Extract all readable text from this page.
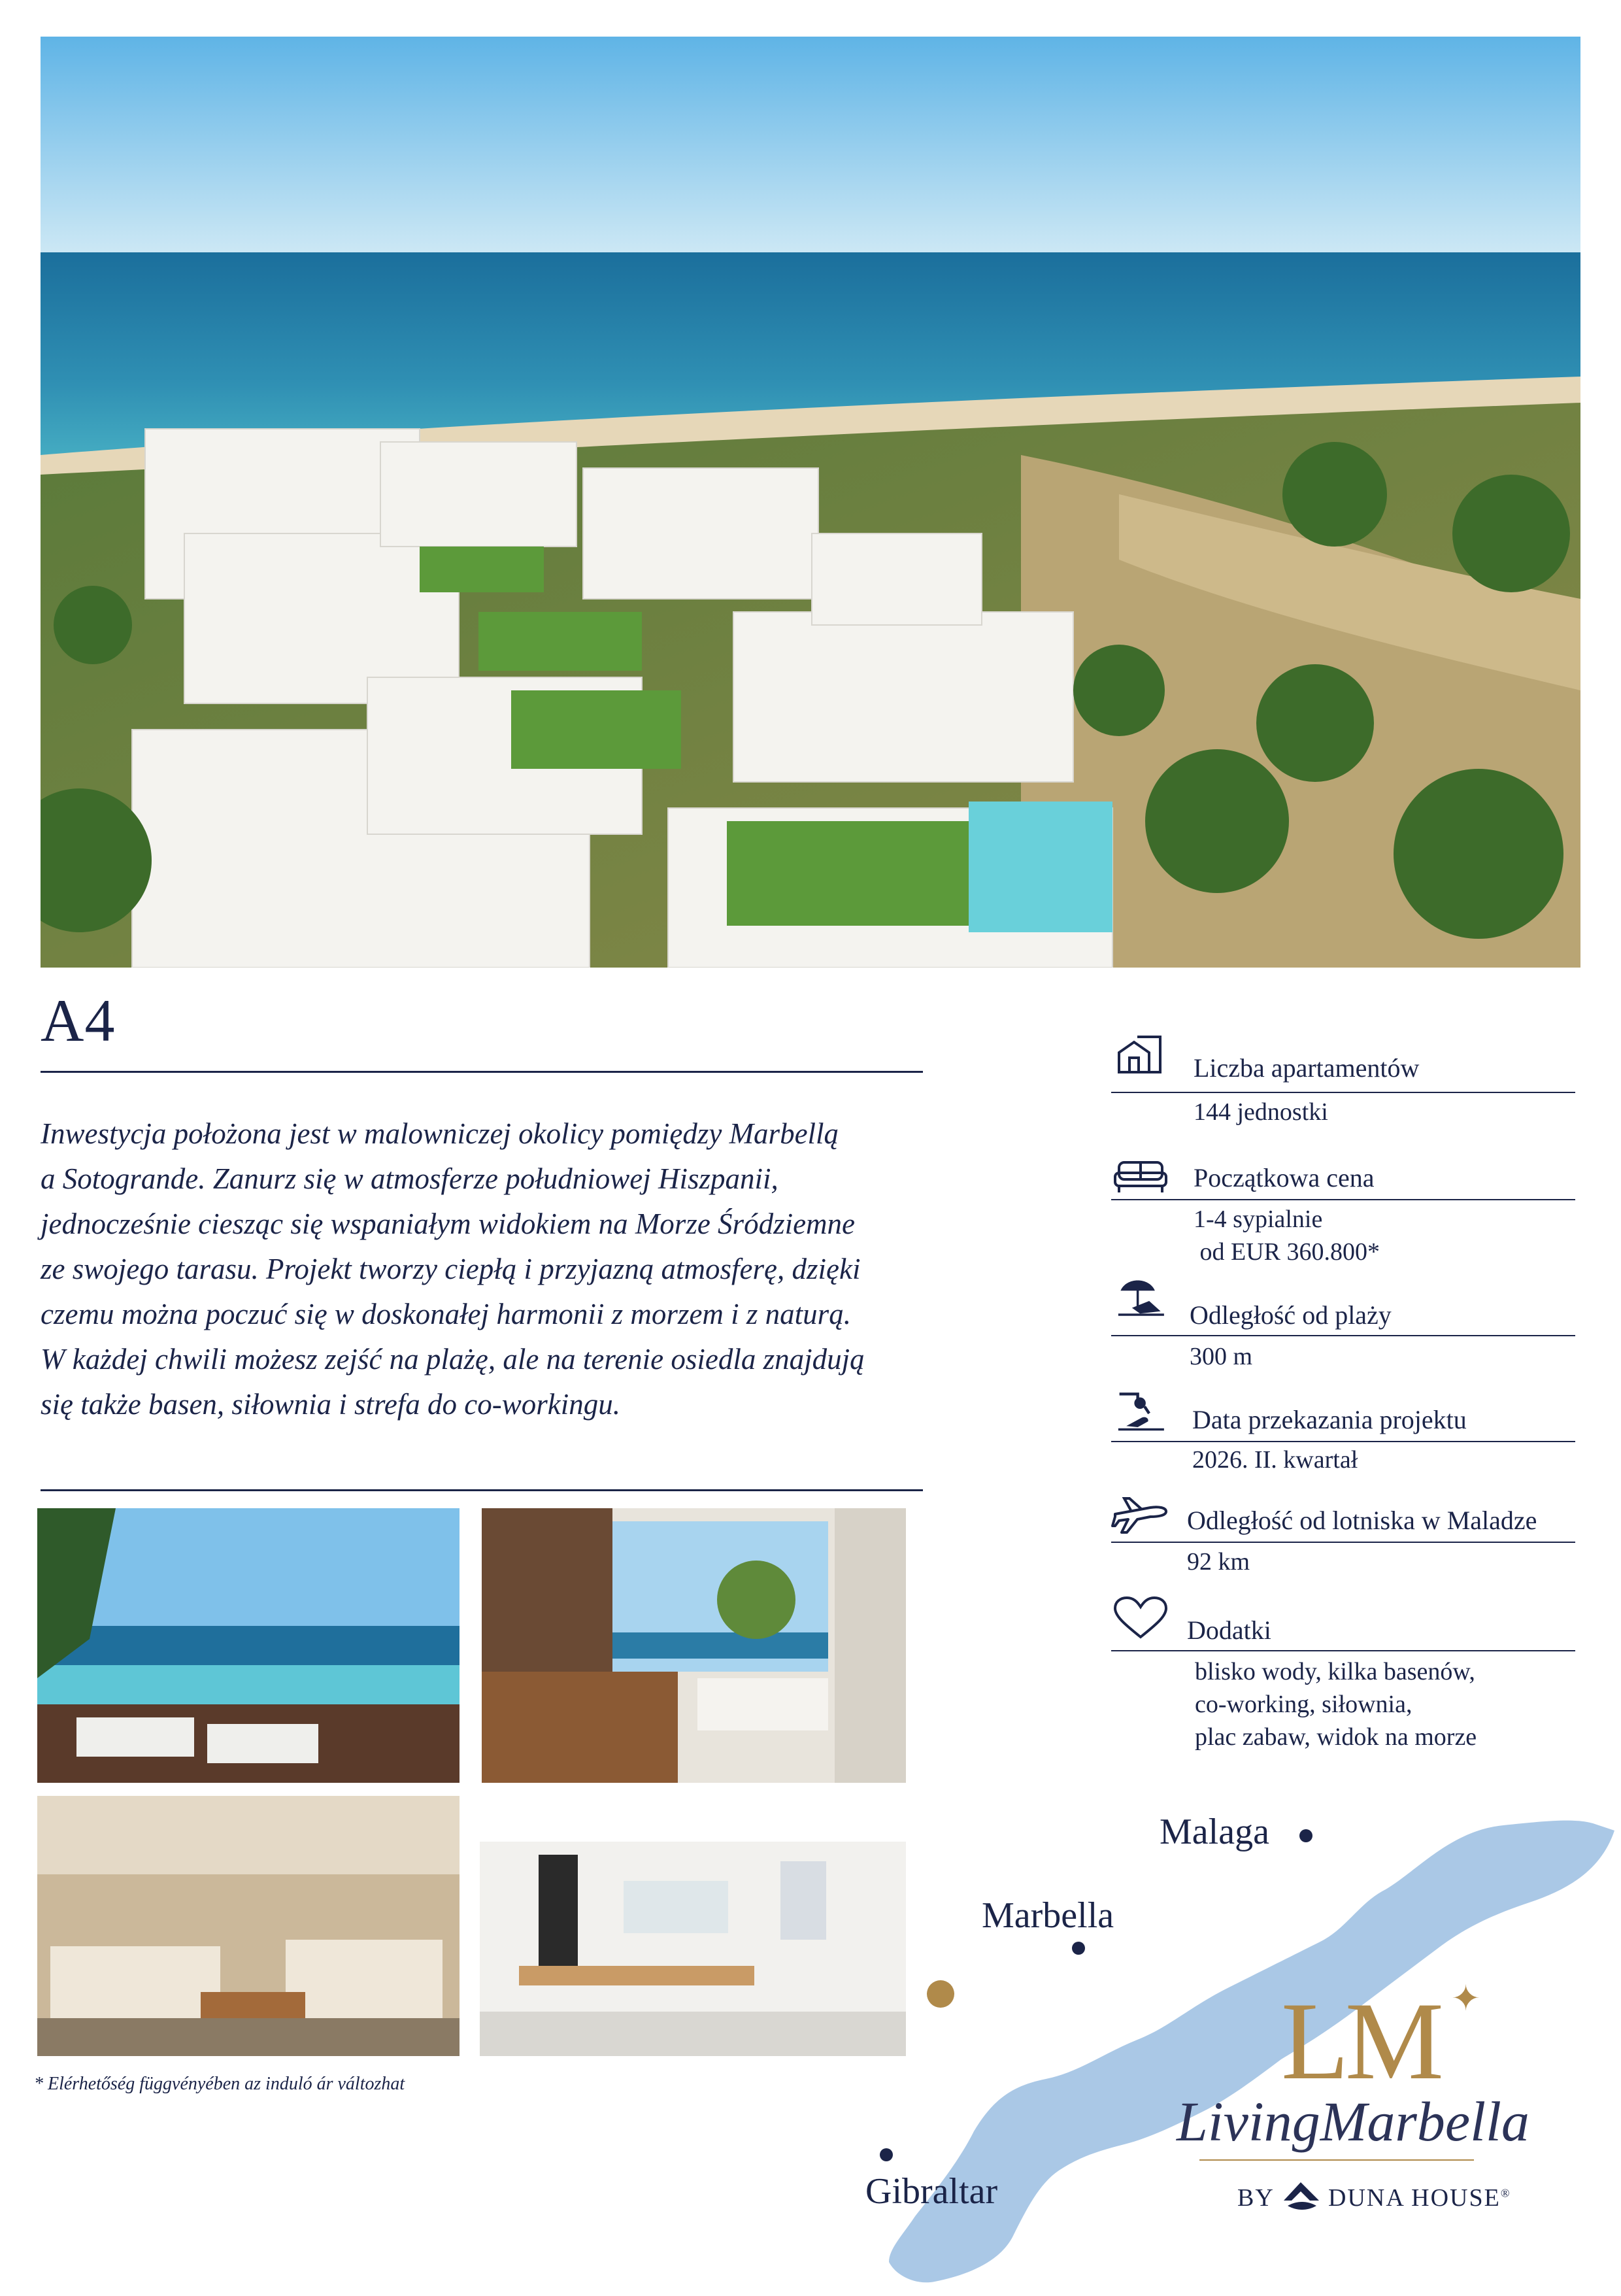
A4
Inwestycja położona jest w malowniczej okolicy pomiędzy Marbellą
a Sotogrande. Zanurz się w atmosferze południowej Hiszpanii,
jednocześnie ciesząc się wspaniałym widokiem na Morze Śródziemne
ze swojego tarasu. Projekt tworzy ciepłą i przyjazną atmosferę, dzięki
czemu można poczuć się w doskonałej harmonii z morzem i z naturą.
W każdej chwili możesz zejść na plażę, ale na terenie osiedla znajdują
się także basen, siłownia i strefa do co-workingu.
* Elérhetőség függvényében az induló ár változhat
Liczba apartamentów
144 jednostki
Początkowa cena
1-4 sypialnie
od EUR 360.800*
Odległość od plaży
300 m
Data przekazania projektu
2026. II. kwartał
Odległość od lotniska w Maladze
92 km
Dodatki
blisko wody, kilka basenów,
co-working, siłownia,
plac zabaw, widok na morze
Malaga
Marbella
Gibraltar
LM ✦
LivingMarbella
BY DUNA HOUSE®
